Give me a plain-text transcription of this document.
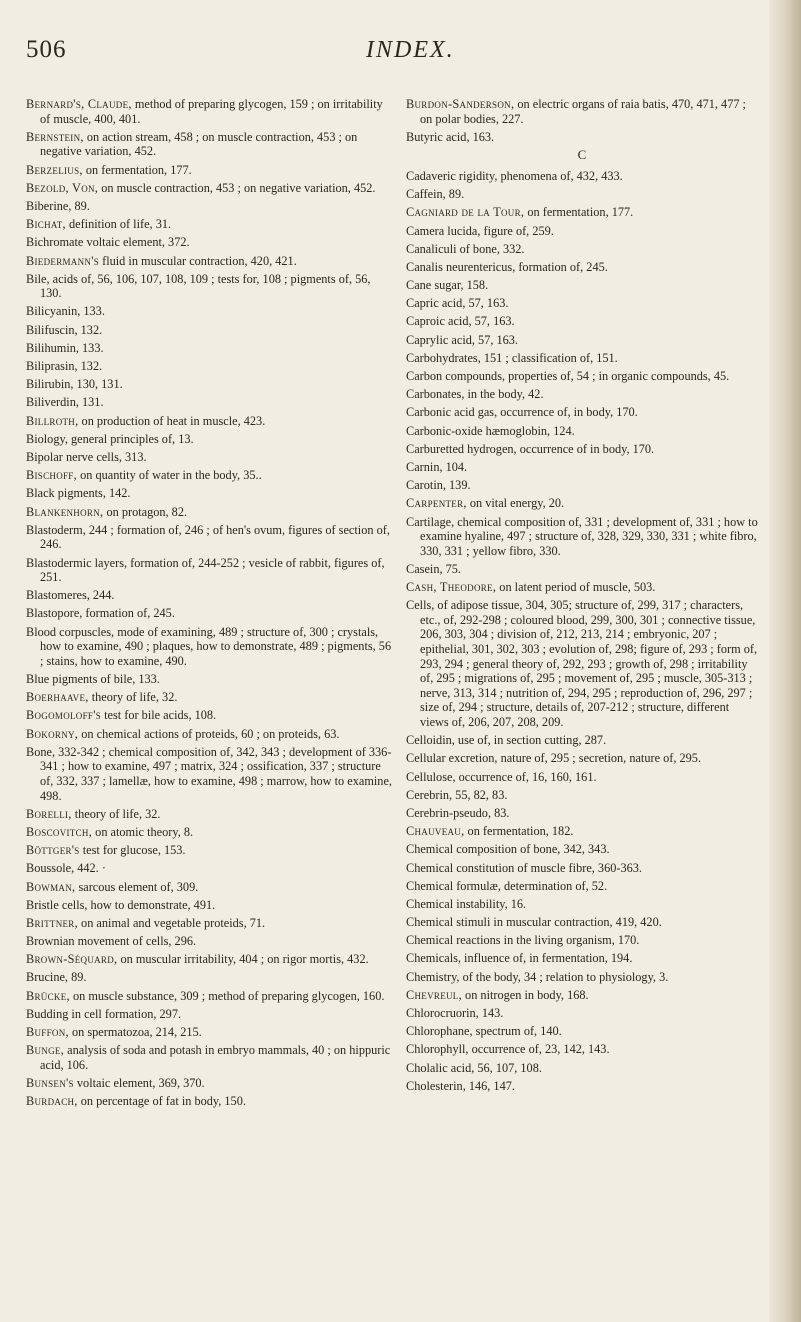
506	INDEX.
Bernard's, Claude, method of preparing glycogen, 159 ; on irritability of muscle, 400, 401.
Bernstein, on action stream, 458 ; on muscle contraction, 453 ; on negative variation, 452.
Berzelius, on fermentation, 177.
Bezold, Von, on muscle contraction, 453 ; on negative variation, 452.
Biberine, 89.
Bichat, definition of life, 31.
Bichromate voltaic element, 372.
Biedermann's fluid in muscular contraction, 420, 421.
Bile, acids of, 56, 106, 107, 108, 109 ; tests for, 108 ; pigments of, 56, 130.
Bilicyanin, 133.
Bilifuscin, 132.
Bilihumin, 133.
Biliprasin, 132.
Bilirubin, 130, 131.
Biliverdin, 131.
Billroth, on production of heat in muscle, 423.
Biology, general principles of, 13.
Bipolar nerve cells, 313.
Bischoff, on quantity of water in the body, 35..
Black pigments, 142.
Blankenhorn, on protagon, 82.
Blastoderm, 244 ; formation of, 246 ; of hen's ovum, figures of section of, 246.
Blastodermic layers, formation of, 244-252 ; vesicle of rabbit, figures of, 251.
Blastomeres, 244.
Blastopore, formation of, 245.
Blood corpuscles, mode of examining, 489 ; structure of, 300 ; crystals, how to examine, 490 ; plaques, how to demonstrate, 489 ; pigments, 56 ; stains, how to examine, 490.
Blue pigments of bile, 133.
Boerhaave, theory of life, 32.
Bogomoloff's test for bile acids, 108.
Bokorny, on chemical actions of proteids, 60 ; on proteids, 63.
Bone, 332-342 ; chemical composition of, 342, 343 ; development of 336-341 ; how to examine, 497 ; matrix, 324 ; ossification, 337 ; structure of, 332, 337 ; lamellæ, how to examine, 498 ; marrow, how to examine, 498.
Borelli, theory of life, 32.
Boscovitch, on atomic theory, 8.
Böttger's test for glucose, 153.
Boussole, 442. ·
Bowman, sarcous element of, 309.
Bristle cells, how to demonstrate, 491.
Brittner, on animal and vegetable proteids, 71.
Brownian movement of cells, 296.
Brown-Séquard, on muscular irritability, 404 ; on rigor mortis, 432.
Brucine, 89.
Brücke, on muscle substance, 309 ; method of preparing glycogen, 160.
Budding in cell formation, 297.
Buffon, on spermatozoa, 214, 215.
Bunge, analysis of soda and potash in embryo mammals, 40 ; on hippuric acid, 106.
Bunsen's voltaic element, 369, 370.
Burdach, on percentage of fat in body, 150.
Burdon-Sanderson, on electric organs of raia batis, 470, 471, 477 ; on polar bodies, 227.
Butyric acid, 163.
C
Cadaveric rigidity, phenomena of, 432, 433.
Caffein, 89.
Cagniard de la Tour, on fermentation, 177.
Camera lucida, figure of, 259.
Canaliculi of bone, 332.
Canalis neurentericus, formation of, 245.
Cane sugar, 158.
Capric acid, 57, 163.
Caproic acid, 57, 163.
Caprylic acid, 57, 163.
Carbohydrates, 151 ; classification of, 151.
Carbon compounds, properties of, 54 ; in organic compounds, 45.
Carbonates, in the body, 42.
Carbonic acid gas, occurrence of, in body, 170.
Carbonic-oxide hæmoglobin, 124.
Carburetted hydrogen, occurrence of in body, 170.
Carnin, 104.
Carotin, 139.
Carpenter, on vital energy, 20.
Cartilage, chemical composition of, 331 ; development of, 331 ; how to examine hyaline, 497 ; structure of, 328, 329, 330, 331 ; white fibro, 330, 331 ; yellow fibro, 330.
Casein, 75.
Cash, Theodore, on latent period of muscle, 503.
Cells, of adipose tissue, 304, 305; structure of, 299, 317 ; characters, etc., of, 292-298 ; coloured blood, 299, 300, 301 ; connective tissue, 206, 303, 304 ; division of, 212, 213, 214 ; embryonic, 207 ; epithelial, 301, 302, 303 ; evolution of, 298; figure of, 293 ; form of, 293, 294 ; general theory of, 292, 293 ; growth of, 298 ; irritability of, 295 ; migrations of, 295 ; movement of, 295 ; muscle, 305-313 ; nerve, 313, 314 ; nutrition of, 294, 295 ; reproduction of, 296, 297 ; size of, 294 ; structure, details of, 207-212 ; structure, different views of, 206, 207, 208, 209.
Celloidin, use of, in section cutting, 287.
Cellular excretion, nature of, 295 ; secretion, nature of, 295.
Cellulose, occurrence of, 16, 160, 161.
Cerebrin, 55, 82, 83.
Cerebrin-pseudo, 83.
Chauveau, on fermentation, 182.
Chemical composition of bone, 342, 343.
Chemical constitution of muscle fibre, 360-363.
Chemical formulæ, determination of, 52.
Chemical instability, 16.
Chemical stimuli in muscular contraction, 419, 420.
Chemical reactions in the living organism, 170.
Chemicals, influence of, in fermentation, 194.
Chemistry, of the body, 34 ; relation to physiology, 3.
Chevreul, on nitrogen in body, 168.
Chlorocruorin, 143.
Chlorophane, spectrum of, 140.
Chlorophyll, occurrence of, 23, 142, 143.
Cholalic acid, 56, 107, 108.
Cholesterin, 146, 147.
